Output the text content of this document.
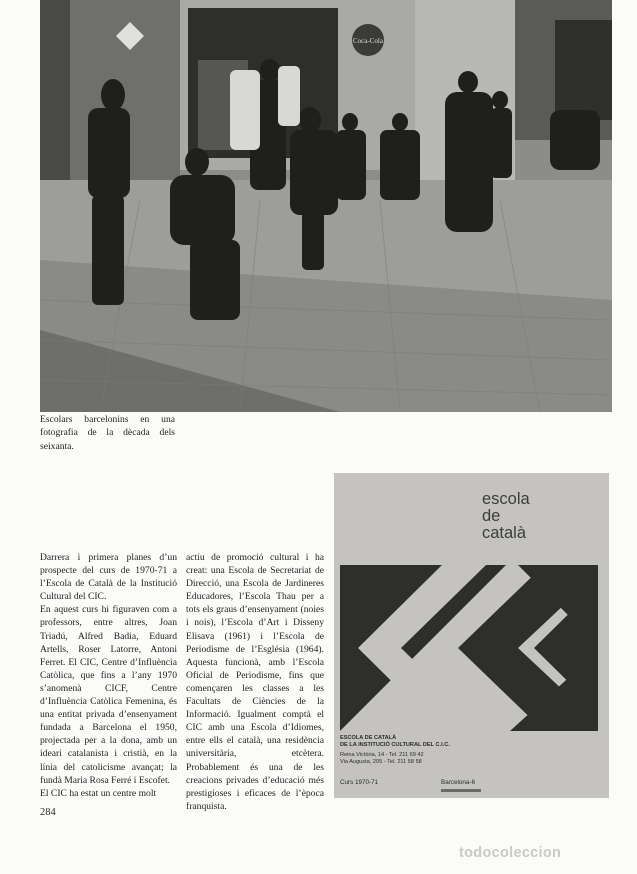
Coca-Cola
Escolars barcelonins en una fotografia de la dècada dels seixanta.

Darrera i primera planes d’un prospecte del curs de 1970-71 a l’Escola de Català de la Institució Cultural del CIC.

En aquest curs hi figuraven com a professors, entre altres, Joan Triadú, Alfred Badia, Eduard Artells, Roser Latorre, Antoni Ferret. El CIC, Centre d’Influència Catòlica, que fins a l’any 1970 s’anomenà CICF, Centre d’Influència Catòlica Femenina, és una entitat privada d’ensenyament fundada a Barcelona el 1950, projectada per a la dona, amb un ideari catalanista i cristià, en la línia del catolicisme avançat; la fundà Maria Rosa Ferré i Escofet.

El CIC ha estat un centre molt

actiu de promoció cultural i ha creat: una Escola de Secretariat de Direcció, una Escola de Jardineres Educadores, l’Escola Thau per a tots els graus d’ensenyament (noies i nois), l’Escola d’Art i Disseny Elisava (1961) i l’Escola de Periodisme de l’Església (1964). Aquesta funcionà, amb l’Escola Oficial de Periodisme, fins que començaren les classes a les Facultats de Ciències de la Informació. Igualment comptà el CIC amb una Escola d’Idiomes, entre ells el català, una residència universitària, etcètera. Probablement és una de les creacions privades d’educació més prestigioses i eficaces de l’època franquista.

escola
de
català
ESCOLA DE CATALÀ
DE LA INSTITUCIÓ CULTURAL DEL C.I.C.
Reina Victòria, 14 - Tel. 211 69 42
Via Augusta, 205 - Tel. 211 58 58
Curs 1970-71	Barcelona-6
284
todocoleccion
